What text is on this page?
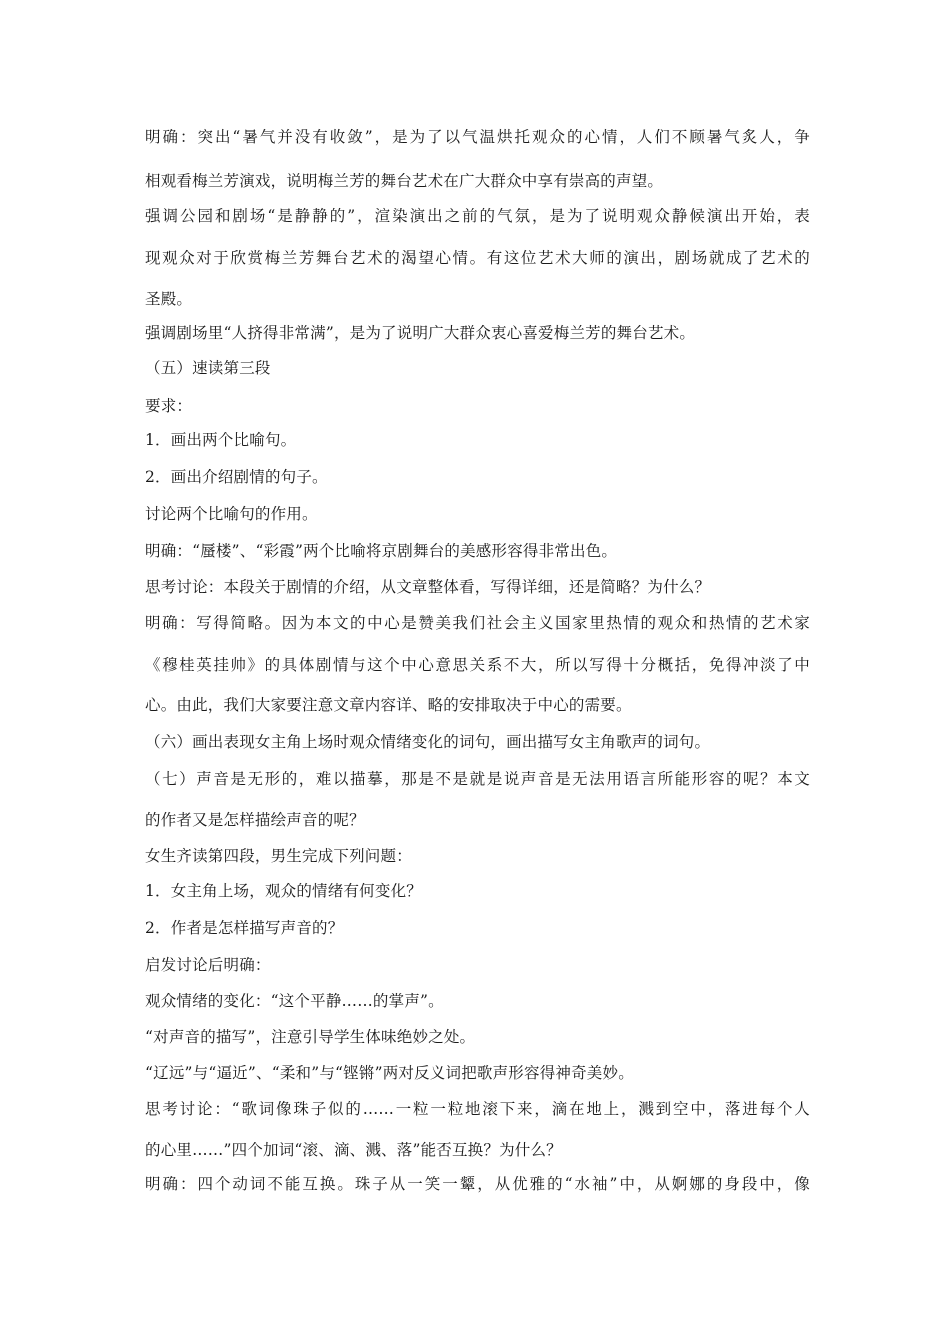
明确：突出“暑气并没有收敛”，是为了以气温烘托观众的心情，人们不顾暑气炙人，争
相观看梅兰芳演戏，说明梅兰芳的舞台艺术在广大群众中享有崇高的声望。
强调公园和剧场“是静静的”，渲染演出之前的气氛，是为了说明观众静候演出开始，表
现观众对于欣赏梅兰芳舞台艺术的渴望心情。有这位艺术大师的演出，剧场就成了艺术的
圣殿。
强调剧场里“人挤得非常满”，是为了说明广大群众衷心喜爱梅兰芳的舞台艺术。
（五）速读第三段
要求：
1．画出两个比喻句。
2．画出介绍剧情的句子。
讨论两个比喻句的作用。
明确：“蜃楼”、“彩霞”两个比喻将京剧舞台的美感形容得非常出色。
思考讨论：本段关于剧情的介绍，从文章整体看，写得详细，还是简略？为什么？
明确：写得简略。因为本文的中心是赞美我们社会主义国家里热情的观众和热情的艺术家
《穆桂英挂帅》的具体剧情与这个中心意思关系不大，所以写得十分概括，免得冲淡了中
心。由此，我们大家要注意文章内容详、略的安排取决于中心的需要。
（六）画出表现女主角上场时观众情绪变化的词句，画出描写女主角歌声的词句。
（七）声音是无形的，难以描摹，那是不是就是说声音是无法用语言所能形容的呢？本文
的作者又是怎样描绘声音的呢？
女生齐读第四段，男生完成下列问题：
1．女主角上场，观众的情绪有何变化？
2．作者是怎样描写声音的？
启发讨论后明确：
观众情绪的变化：“这个平静……的掌声”。
“对声音的描写”，注意引导学生体味绝妙之处。
“辽远”与“逼近”、“柔和”与“铿锵”两对反义词把歌声形容得神奇美妙。
思考讨论：“歌词像珠子似的……一粒一粒地滚下来，滴在地上，溅到空中，落进每个人
的心里……”四个加词“滚、滴、溅、落”能否互换？为什么？
明确：四个动词不能互换。珠子从一笑一颦，从优雅的“水袖”中，从婀娜的身段中，像
